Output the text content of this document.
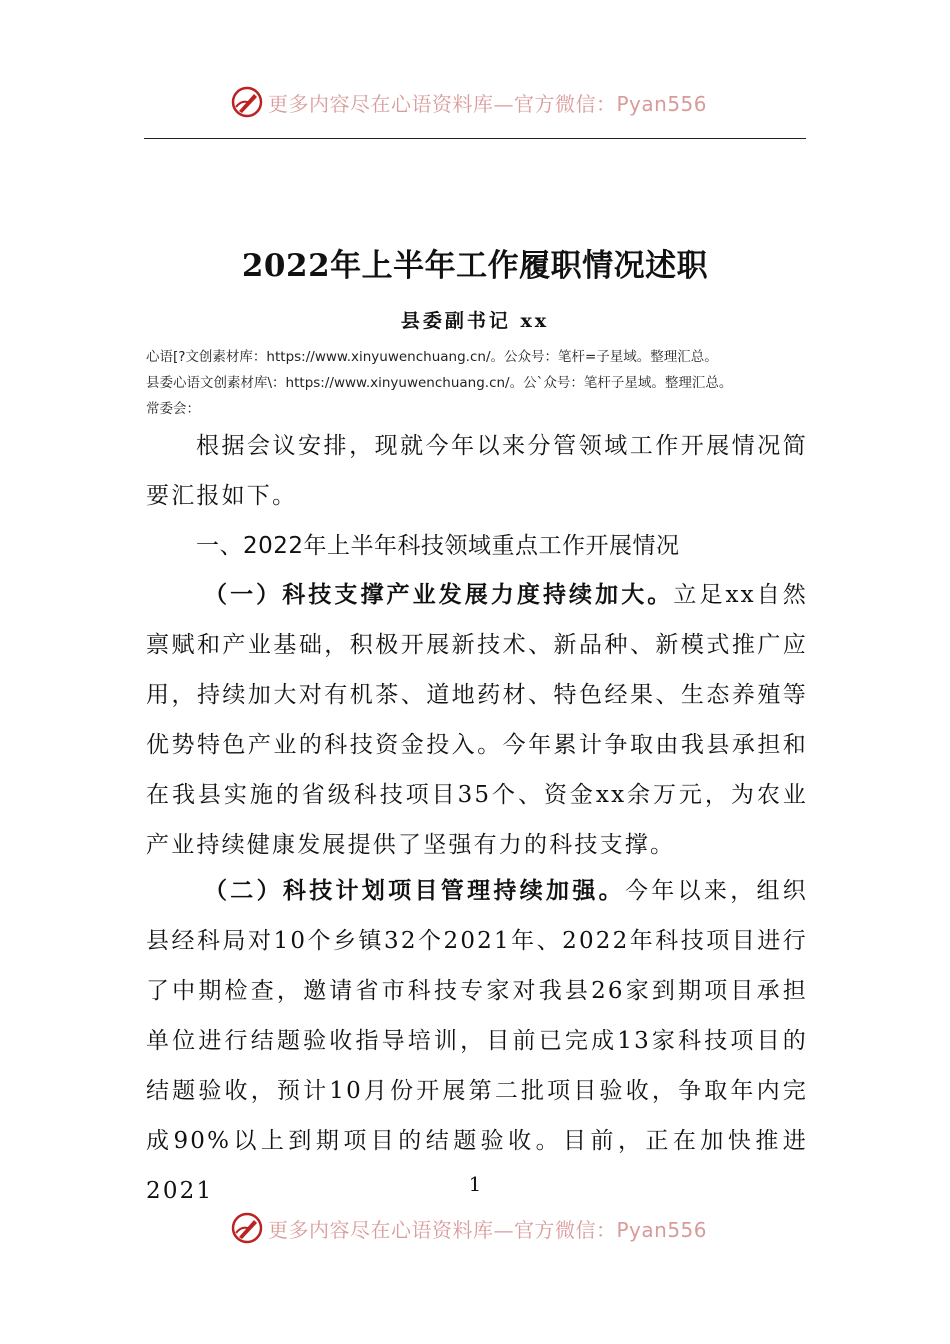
更多内容尽在心语资料库—官方微信：Pyan556
2022年上半年工作履职情况述职
县委副书记 xx
心语[?文创素材库：https://www.xinyuwenchuang.cn/。公众号：笔杆=子星域。整理汇总。
县委心语文创素材库\：https://www.xinyuwenchuang.cn/。公`众号：笔杆子星域。整理汇总。
常委会：
根据会议安排，现就今年以来分管领域工作开展情况简要汇报如下。
一、2022年上半年科技领域重点工作开展情况
（一）科技支撑产业发展力度持续加大。立足xx自然禀赋和产业基础，积极开展新技术、新品种、新模式推广应用，持续加大对有机茶、道地药材、特色经果、生态养殖等优势特色产业的科技资金投入。今年累计争取由我县承担和在我县实施的省级科技项目35个、资金xx余万元，为农业产业持续健康发展提供了坚强有力的科技支撑。
（二）科技计划项目管理持续加强。今年以来，组织县经科局对10个乡镇32个2021年、2022年科技项目进行了中期检查，邀请省市科技专家对我县26家到期项目承担单位进行结题验收指导培训，目前已完成13家科技项目的结题验收，预计10月份开展第二批项目验收，争取年内完成90%以上到期项目的结题验收。目前，正在加快推进2021	1
更多内容尽在心语资料库—官方微信：Pyan556
